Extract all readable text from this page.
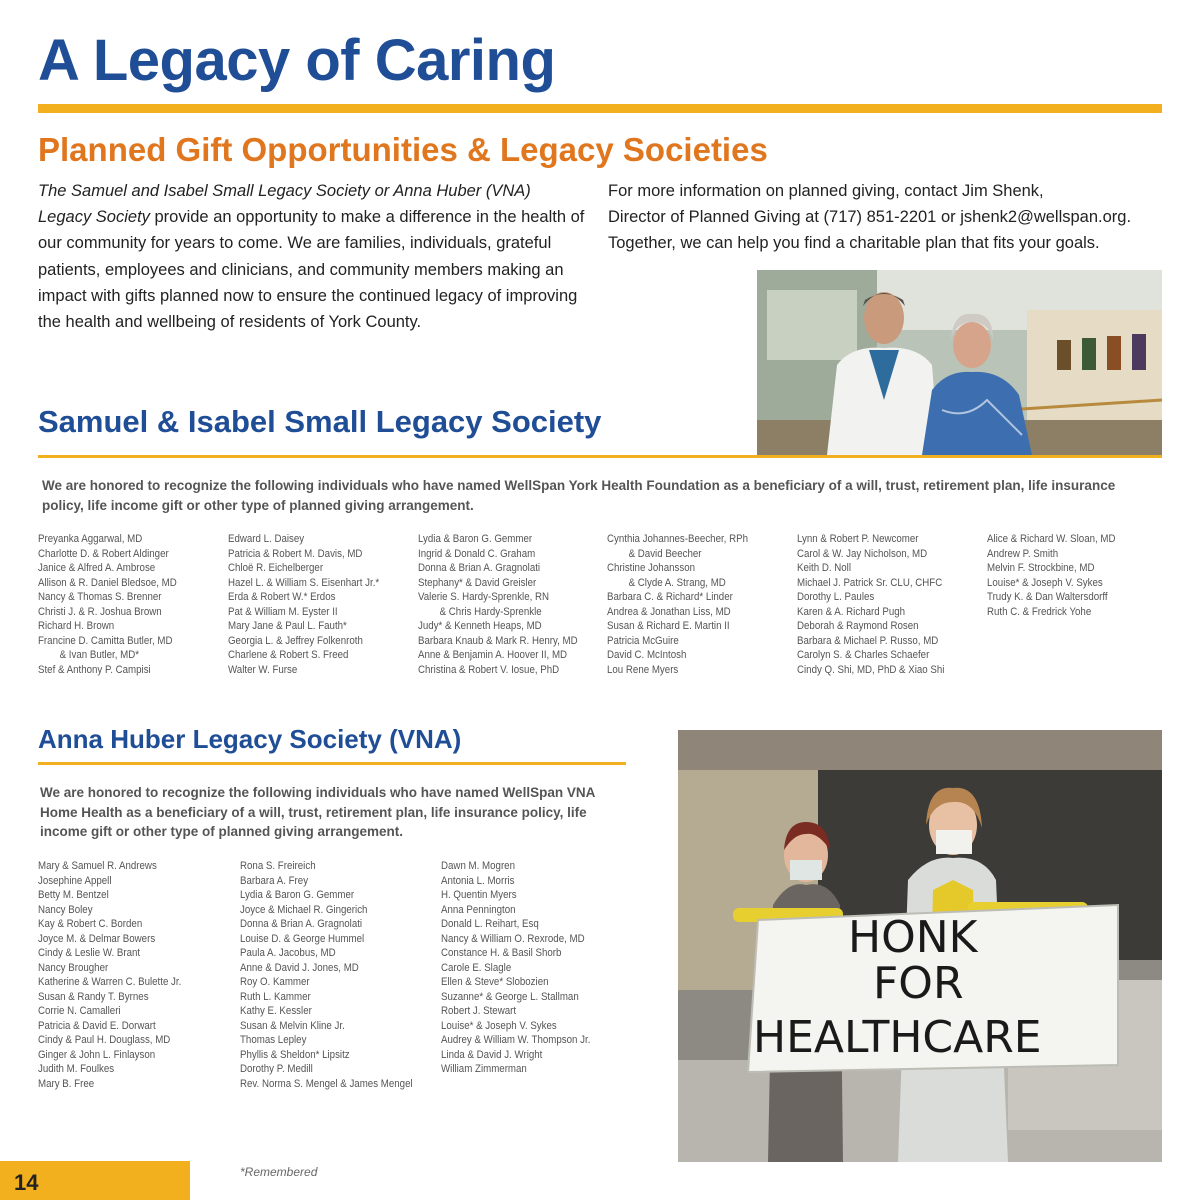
A Legacy of Caring
Planned Gift Opportunities & Legacy Societies

The Samuel and Isabel Small Legacy Society or Anna Huber (VNA)
Legacy Society provide an opportunity to make a difference in the health of our community for years to come. We are families, individuals, grateful patients, employees and clinicians, and community members making an impact with gifts planned now to ensure the continued legacy of improving the health and wellbeing of residents of York County.

For more information on planned giving, contact Jim Shenk,
Director of Planned Giving at (717) 851-2201 or jshenk2@wellspan.org.
Together, we can help you find a charitable plan that fits your goals.
Samuel & Isabel Small Legacy Society

We are honored to recognize the following individuals who have named WellSpan York Health Foundation as a beneficiary of a will, trust, retirement plan, life insurance policy, life income gift or other type of planned giving arrangement.

Preyanka Aggarwal, MD
Charlotte D. & Robert Aldinger
Janice & Alfred A. Ambrose
Allison & R. Daniel Bledsoe, MD
Nancy & Thomas S. Brenner
Christi J. & R. Joshua Brown
Richard H. Brown
Francine D. Camitta Butler, MD
& Ivan Butler, MD*
Stef & Anthony P. Campisi
Edward L. Daisey
Patricia & Robert M. Davis, MD
Chloë R. Eichelberger
Hazel L. & William S. Eisenhart Jr.*
Erda & Robert W.* Erdos
Pat & William M. Eyster II
Mary Jane & Paul L. Fauth*
Georgia L. & Jeffrey Folkenroth
Charlene & Robert S. Freed
Walter W. Furse
Lydia & Baron G. Gemmer
Ingrid & Donald C. Graham
Donna & Brian A. Gragnolati
Stephany* & David Greisler
Valerie S. Hardy-Sprenkle, RN
& Chris Hardy-Sprenkle
Judy* & Kenneth Heaps, MD
Barbara Knaub & Mark R. Henry, MD
Anne & Benjamin A. Hoover II, MD
Christina & Robert V. Iosue, PhD
Cynthia Johannes-Beecher, RPh
& David Beecher
Christine Johansson
& Clyde A. Strang, MD
Barbara C. & Richard* Linder
Andrea & Jonathan Liss, MD
Susan & Richard E. Martin II
Patricia McGuire
David C. McIntosh
Lou Rene Myers
Lynn & Robert P. Newcomer
Carol & W. Jay Nicholson, MD
Keith D. Noll
Michael J. Patrick Sr. CLU, CHFC
Dorothy L. Paules
Karen & A. Richard Pugh
Deborah & Raymond Rosen
Barbara & Michael P. Russo, MD
Carolyn S. & Charles Schaefer
Cindy Q. Shi, MD, PhD & Xiao Shi
Alice & Richard W. Sloan, MD
Andrew P. Smith
Melvin F. Strockbine, MD
Louise* & Joseph V. Sykes
Trudy K. & Dan Waltersdorff
Ruth C. & Fredrick Yohe
Anna Huber Legacy Society (VNA)

We are honored to recognize the following individuals who have named WellSpan VNA Home Health as a beneficiary of a will, trust, retirement plan, life insurance policy, life income gift or other type of planned giving arrangement.

Mary & Samuel R. Andrews
Josephine Appell
Betty M. Bentzel
Nancy Boley
Kay & Robert C. Borden
Joyce M. & Delmar Bowers
Cindy & Leslie W. Brant
Nancy Brougher
Katherine & Warren C. Bulette Jr.
Susan & Randy T. Byrnes
Corrie N. Camalleri
Patricia & David E. Dorwart
Cindy & Paul H. Douglass, MD
Ginger & John L. Finlayson
Judith M. Foulkes
Mary B. Free
Rona S. Freireich
Barbara A. Frey
Lydia & Baron G. Gemmer
Joyce & Michael R. Gingerich
Donna & Brian A. Gragnolati
Louise D. & George Hummel
Paula A. Jacobus, MD
Anne & David J. Jones, MD
Roy O. Kammer
Ruth L. Kammer
Kathy E. Kessler
Susan & Melvin Kline Jr.
Thomas Lepley
Phyllis & Sheldon* Lipsitz
Dorothy P. Medill
Rev. Norma S. Mengel & James Mengel
Dawn M. Mogren
Antonia L. Morris
H. Quentin Myers
Anna Pennington
Donald L. Reihart, Esq
Nancy & William O. Rexrode, MD
Constance H. & Basil Shorb
Carole E. Slagle
Ellen & Steve* Slobozien
Suzanne* & George L. Stallman
Robert J. Stewart
Louise* & Joseph V. Sykes
Audrey & William W. Thompson Jr.
Linda & David J. Wright
William Zimmerman
HONK
FOR
HEALTHCARE
14	*Remembered
